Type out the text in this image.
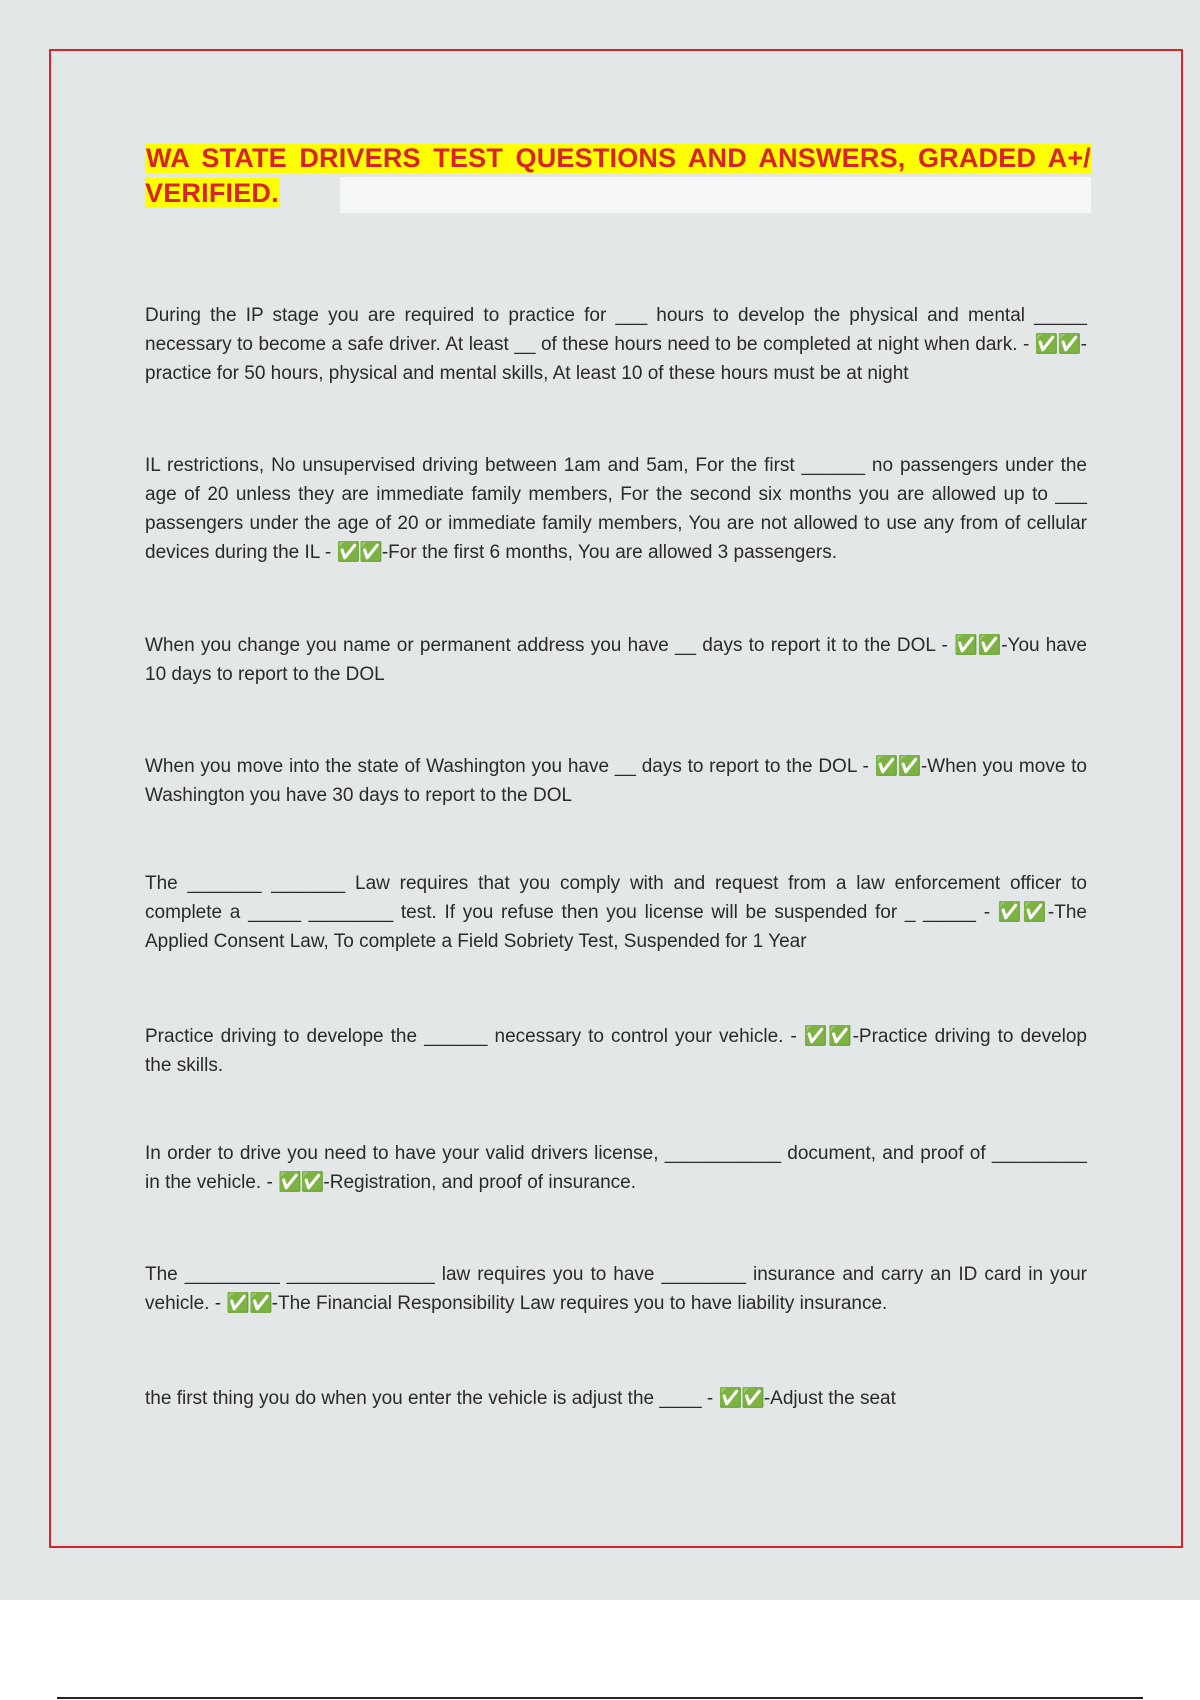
WA STATE DRIVERS TEST QUESTIONS AND ANSWERS, GRADED A+/ VERIFIED.

During the IP stage you are required to practice for ___ hours to develop the physical and mental _____ necessary to become a safe driver. At least __ of these hours need to be completed at night when dark. - ✅✅-practice for 50 hours, physical and mental skills, At least 10 of these hours must be at night

IL restrictions, No unsupervised driving between 1am and 5am, For the first ______ no passengers under the age of 20 unless they are immediate family members, For the second six months you are allowed up to ___ passengers under the age of 20 or immediate family members, You are not allowed to use any from of cellular devices during the IL - ✅✅-For the first 6 months, You are allowed 3 passengers.

When you change you name or permanent address you have __ days to report it to the DOL - ✅✅-You have 10 days to report to the DOL

When you move into the state of Washington you have __ days to report to the DOL - ✅✅-When you move to Washington you have 30 days to report to the DOL

The _______ _______ Law requires that you comply with and request from a law enforcement officer to complete a _____ ________ test. If you refuse then you license will be suspended for _ _____ - ✅✅-The Applied Consent Law, To complete a Field Sobriety Test, Suspended for 1 Year

Practice driving to develope the ______ necessary to control your vehicle. - ✅✅-Practice driving to develop the skills.

In order to drive you need to have your valid drivers license, ___________ document, and proof of _________ in the vehicle. - ✅✅-Registration, and proof of insurance.

The _________ ______________ law requires you to have ________ insurance and carry an ID card in your vehicle. - ✅✅-The Financial Responsibility Law requires you to have liability insurance.

the first thing you do when you enter the vehicle is adjust the ____ - ✅✅-Adjust the seat
